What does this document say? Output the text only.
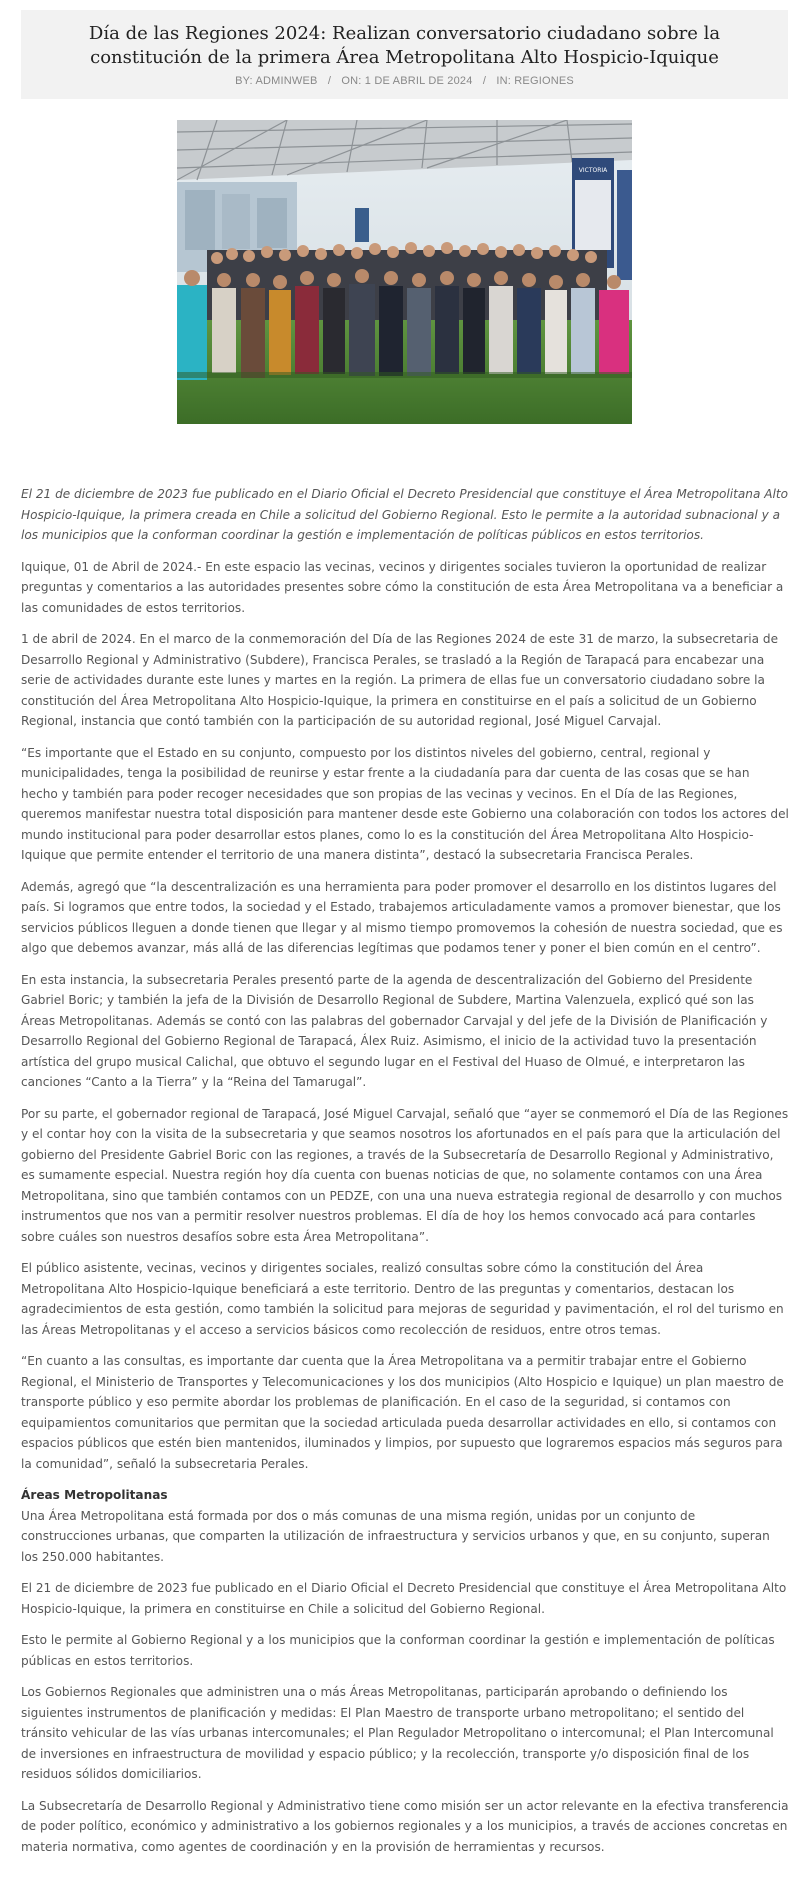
Día de las Regiones 2024: Realizan conversatorio ciudadano sobre la constitución de la primera Área Metropolitana Alto Hospicio-Iquique
BY: ADMINWEB / ON: 1 DE ABRIL DE 2024 / IN: REGIONES
VICTORIA

El 21 de diciembre de 2023 fue publicado en el Diario Oficial el Decreto Presidencial que constituye el Área Metropolitana Alto Hospicio-Iquique, la primera creada en Chile a solicitud del Gobierno Regional. Esto le permite a la autoridad subnacional y a los municipios que la conforman coordinar la gestión e implementación de políticas públicos en estos territorios.

Iquique, 01 de Abril de 2024.- En este espacio las vecinas, vecinos y dirigentes sociales tuvieron la oportunidad de realizar preguntas y comentarios a las autoridades presentes sobre cómo la constitución de esta Área Metropolitana va a beneficiar a las comunidades de estos territorios.

1 de abril de 2024. En el marco de la conmemoración del Día de las Regiones 2024 de este 31 de marzo, la subsecretaria de Desarrollo Regional y Administrativo (Subdere), Francisca Perales, se trasladó a la Región de Tarapacá para encabezar una serie de actividades durante este lunes y martes en la región. La primera de ellas fue un conversatorio ciudadano sobre la constitución del Área Metropolitana Alto Hospicio-Iquique, la primera en constituirse en el país a solicitud de un Gobierno Regional, instancia que contó también con la participación de su autoridad regional, José Miguel Carvajal.

“Es importante que el Estado en su conjunto, compuesto por los distintos niveles del gobierno, central, regional y municipalidades, tenga la posibilidad de reunirse y estar frente a la ciudadanía para dar cuenta de las cosas que se han hecho y también para poder recoger necesidades que son propias de las vecinas y vecinos. En el Día de las Regiones, queremos manifestar nuestra total disposición para mantener desde este Gobierno una colaboración con todos los actores del mundo institucional para poder desarrollar estos planes, como lo es la constitución del Área Metropolitana Alto Hospicio-Iquique que permite entender el territorio de una manera distinta”, destacó la subsecretaria Francisca Perales.

Además, agregó que “la descentralización es una herramienta para poder promover el desarrollo en los distintos lugares del país. Si logramos que entre todos, la sociedad y el Estado, trabajemos articuladamente vamos a promover bienestar, que los servicios públicos lleguen a donde tienen que llegar y al mismo tiempo promovemos la cohesión de nuestra sociedad, que es algo que debemos avanzar, más allá de las diferencias legítimas que podamos tener y poner el bien común en el centro”.

En esta instancia, la subsecretaria Perales presentó parte de la agenda de descentralización del Gobierno del Presidente Gabriel Boric; y también la jefa de la División de Desarrollo Regional de Subdere, Martina Valenzuela, explicó qué son las Áreas Metropolitanas. Además se contó con las palabras del gobernador Carvajal y del jefe de la División de Planificación y Desarrollo Regional del Gobierno Regional de Tarapacá, Álex Ruiz. Asimismo, el inicio de la actividad tuvo la presentación artística del grupo musical Calichal, que obtuvo el segundo lugar en el Festival del Huaso de Olmué, e interpretaron las canciones “Canto a la Tierra” y la “Reina del Tamarugal”.

Por su parte, el gobernador regional de Tarapacá, José Miguel Carvajal, señaló que “ayer se conmemoró el Día de las Regiones y el contar hoy con la visita de la subsecretaria y que seamos nosotros los afortunados en el país para que la articulación del gobierno del Presidente Gabriel Boric con las regiones, a través de la Subsecretaría de Desarrollo Regional y Administrativo, es sumamente especial. Nuestra región hoy día cuenta con buenas noticias de que, no solamente contamos con una Área Metropolitana, sino que también contamos con un PEDZE, con una una nueva estrategia regional de desarrollo y con muchos instrumentos que nos van a permitir resolver nuestros problemas. El día de hoy los hemos convocado acá para contarles sobre cuáles son nuestros desafíos sobre esta Área Metropolitana”.

El público asistente, vecinas, vecinos y dirigentes sociales, realizó consultas sobre cómo la constitución del Área Metropolitana Alto Hospicio-Iquique beneficiará a este territorio. Dentro de las preguntas y comentarios, destacan los agradecimientos de esta gestión, como también la solicitud para mejoras de seguridad y pavimentación, el rol del turismo en las Áreas Metropolitanas y el acceso a servicios básicos como recolección de residuos, entre otros temas.

“En cuanto a las consultas, es importante dar cuenta que la Área Metropolitana va a permitir trabajar entre el Gobierno Regional, el Ministerio de Transportes y Telecomunicaciones y los dos municipios (Alto Hospicio e Iquique) un plan maestro de transporte público y eso permite abordar los problemas de planificación. En el caso de la seguridad, si contamos con equipamientos comunitarios que permitan que la sociedad articulada pueda desarrollar actividades en ello, si contamos con espacios públicos que estén bien mantenidos, iluminados y limpios, por supuesto que lograremos espacios más seguros para la comunidad”, señaló la subsecretaria Perales.

Áreas Metropolitanas

Una Área Metropolitana está formada por dos o más comunas de una misma región, unidas por un conjunto de construcciones urbanas, que comparten la utilización de infraestructura y servicios urbanos y que, en su conjunto, superan los 250.000 habitantes.

El 21 de diciembre de 2023 fue publicado en el Diario Oficial el Decreto Presidencial que constituye el Área Metropolitana Alto Hospicio-Iquique, la primera en constituirse en Chile a solicitud del Gobierno Regional.

Esto le permite al Gobierno Regional y a los municipios que la conforman coordinar la gestión e implementación de políticas públicas en estos territorios.

Los Gobiernos Regionales que administren una o más Áreas Metropolitanas, participarán aprobando o definiendo los siguientes instrumentos de planificación y medidas: El Plan Maestro de transporte urbano metropolitano; el sentido del tránsito vehicular de las vías urbanas intercomunales; el Plan Regulador Metropolitano o intercomunal; el Plan Intercomunal de inversiones en infraestructura de movilidad y espacio público; y la recolección, transporte y/o disposición final de los residuos sólidos domiciliarios.

La Subsecretaría de Desarrollo Regional y Administrativo tiene como misión ser un actor relevante en la efectiva transferencia de poder político, económico y administrativo a los gobiernos regionales y a los municipios, a través de acciones concretas en materia normativa, como agentes de coordinación y en la provisión de herramientas y recursos.
